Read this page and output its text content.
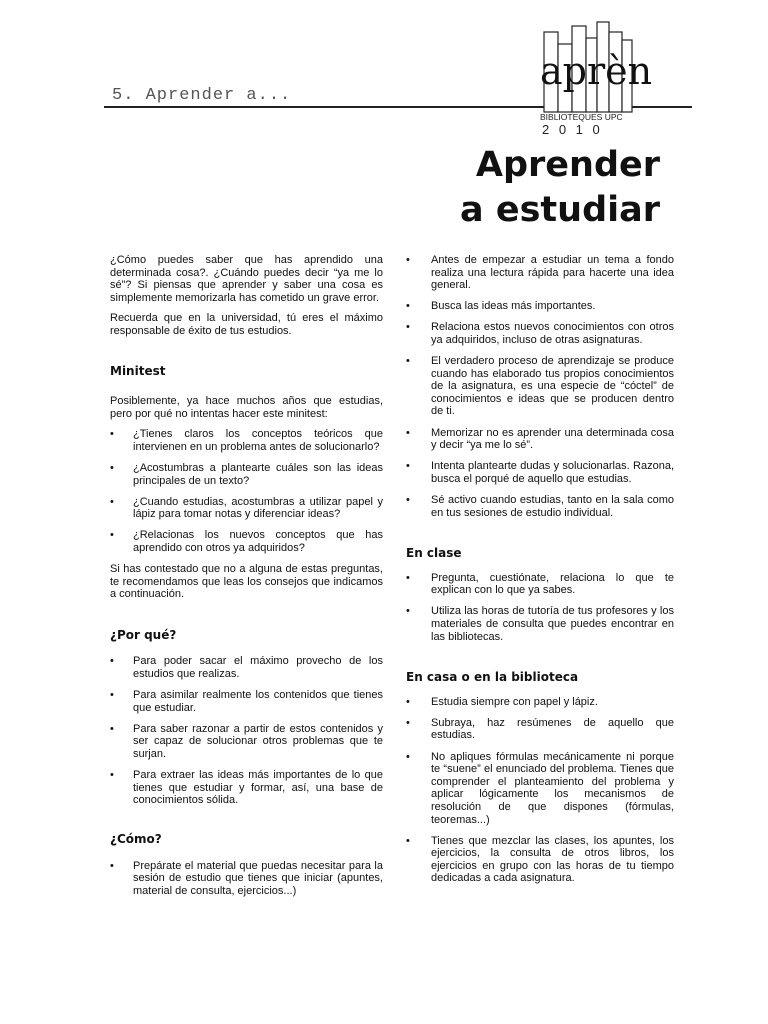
5. Aprender a...
aprèn
BIBLIOTEQUES UPC
2 0 1 0
Aprender
a estudiar

¿Cómo puedes saber que has aprendido una determinada cosa?. ¿Cuándo puedes decir “ya me lo sé”? Si piensas que aprender y saber una cosa es simplemente memorizarla has cometido un grave error.

Recuerda que en la universidad, tú eres el máximo responsable de éxito de tus estudios.

Minitest

Posiblemente, ya hace muchos años que estudias, pero por qué no intentas hacer este minitest:

• ¿Tienes claros los conceptos teóricos que intervienen en un problema antes de solucionarlo?
• ¿Acostumbras a plantearte cuáles son las ideas principales de un texto?
• ¿Cuando estudias, acostumbras a utilizar papel y lápiz para tomar notas y diferenciar ideas?
• ¿Relacionas los nuevos conceptos que has aprendido con otros ya adquiridos?

Si has contestado que no a alguna de estas preguntas, te recomendamos que leas los consejos que indicamos a continuación.

¿Por qué?
• Para poder sacar el máximo provecho de los estudios que realizas.
• Para asimilar realmente los contenidos que tienes que estudiar.
• Para saber razonar a partir de estos contenidos y ser capaz de solucionar otros problemas que te surjan.
• Para extraer las ideas más importantes de lo que tienes que estudiar y formar, así, una base de conocimientos sólida.
¿Cómo?
• Prepárate el material que puedas necesitar para la sesión de estudio que tienes que iniciar (apuntes, material de consulta, ejercicios...)
• Antes de empezar a estudiar un tema a fondo realiza una lectura rápida para hacerte una idea general.
• Busca las ideas más importantes.
• Relaciona estos nuevos conocimientos con otros ya adquiridos, incluso de otras asignaturas.
• El verdadero proceso de aprendizaje se produce cuando has elaborado tus propios conocimientos de la asignatura, es una especie de “cóctel” de conocimientos e ideas que se producen dentro de ti.
• Memorizar no es aprender una determinada cosa y decir “ya me lo sé”.
• Intenta plantearte dudas y solucionarlas. Razona, busca el porqué de aquello que estudias.
• Sé activo cuando estudias, tanto en la sala como en tus sesiones de estudio individual.
En clase
• Pregunta, cuestiónate, relaciona lo que te explican con lo que ya sabes.
• Utiliza las horas de tutoría de tus profesores y los materiales de consulta que puedes encontrar en las bibliotecas.
En casa o en la biblioteca
• Estudia siempre con papel y lápiz.
• Subraya, haz resúmenes de aquello que estudias.
• No apliques fórmulas mecánicamente ni porque te “suene” el enunciado del problema. Tienes que comprender el planteamiento del problema y aplicar lógicamente los mecanismos de resolución de que dispones (fórmulas, teoremas...)
• Tienes que mezclar las clases, los apuntes, los ejercicios, la consulta de otros libros, los ejercicios en grupo con las horas de tu tiempo dedicadas a cada asignatura.
